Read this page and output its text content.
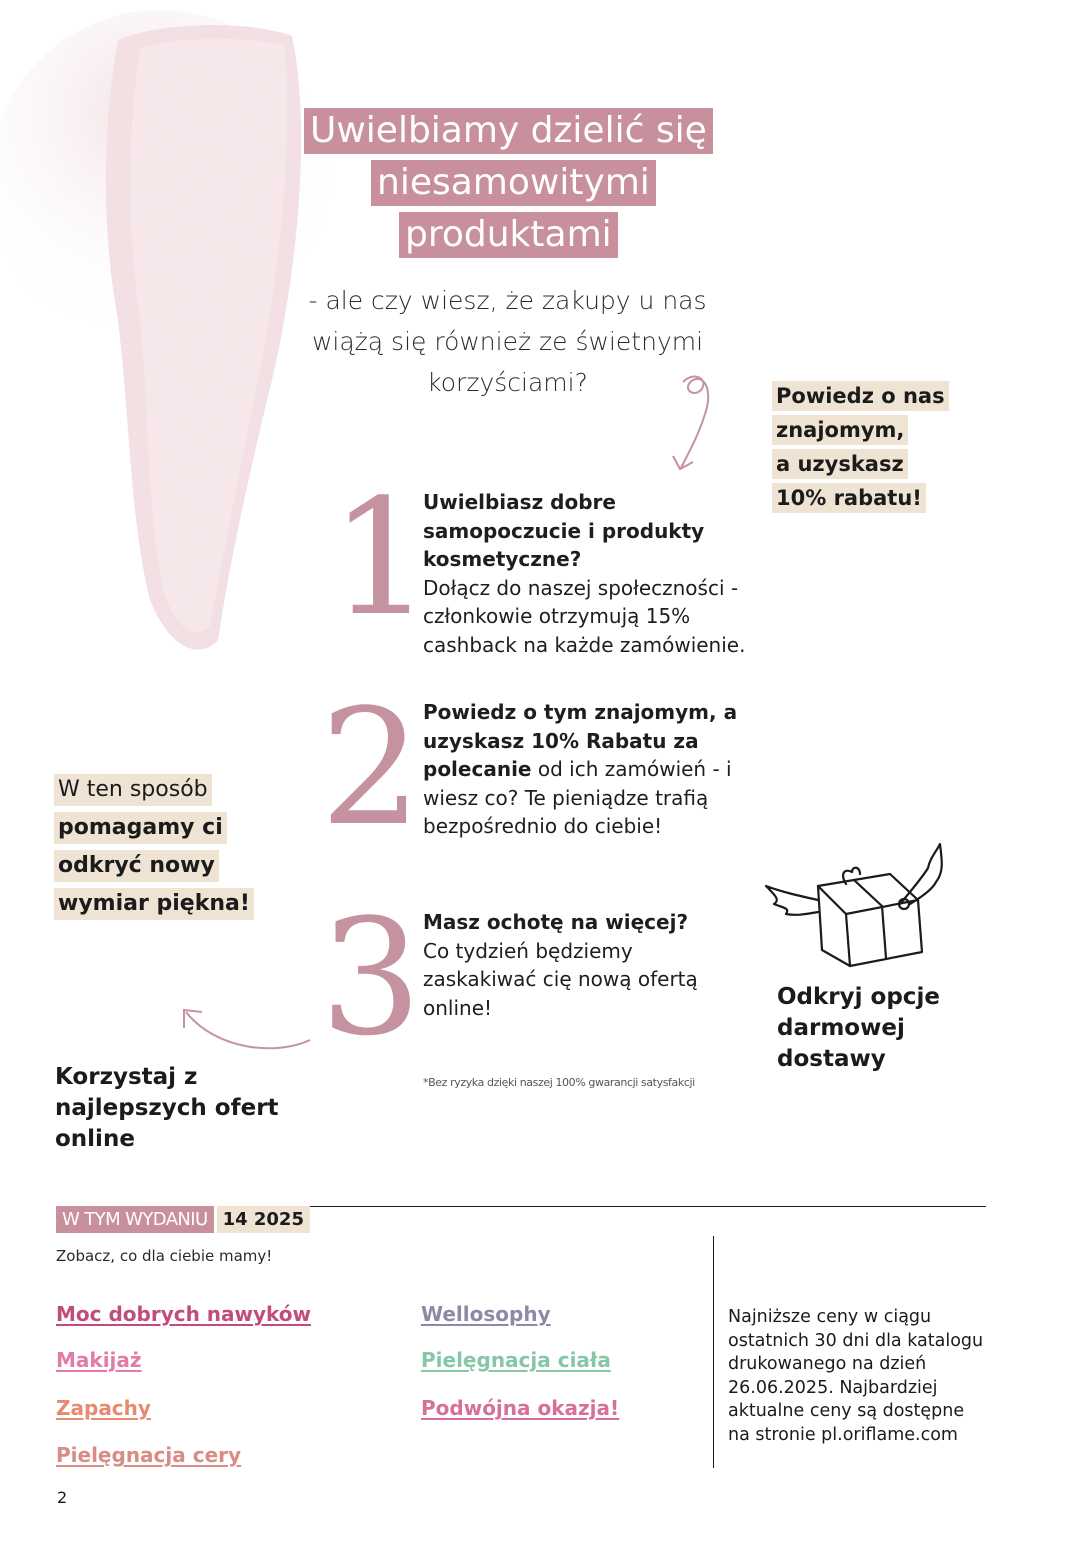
Uwielbiamy dzielić się
niesamowitymi
produktami
- ale czy wiesz, że zakupy u nas wiążą się również ze świetnymi korzyściami?	Powiedz o nas
znajomym,
a uzyskasz
10% rabatu!
1
2
3
Uwielbiasz dobre samopoczucie i produkty kosmetyczne?
Dołącz do naszej społeczności - członkowie otrzymują 15% cashback na każde zamówienie.
Powiedz o tym znajomym, a uzyskasz 10% Rabatu za polecanie od ich zamówień - i wiesz co? Te pieniądze trafią bezpośrednio do ciebie!
Masz ochotę na więcej?
Co tydzień będziemy zaskakiwać cię nową ofertą online!
*Bez ryzyka dzięki naszej 100% gwarancji satysfakcji
W ten sposób
pomagamy ci
odkryć nowy
wymiar piękna!
Korzystaj z najlepszych ofert online
Odkryj opcje darmowej dostawy
W TYM WYDANIU 14 2025
Zobacz, co dla ciebie mamy!
Moc dobrych nawyków
Makijaż
Zapachy
Pielęgnacja cery
Wellosophy
Pielęgnacja ciała
Podwójna okazja!
Najniższe ceny w ciągu ostatnich 30 dni dla katalogu drukowanego na dzień 26.06.2025. Najbardziej aktualne ceny są dostępne na stronie pl.oriflame.com
2
